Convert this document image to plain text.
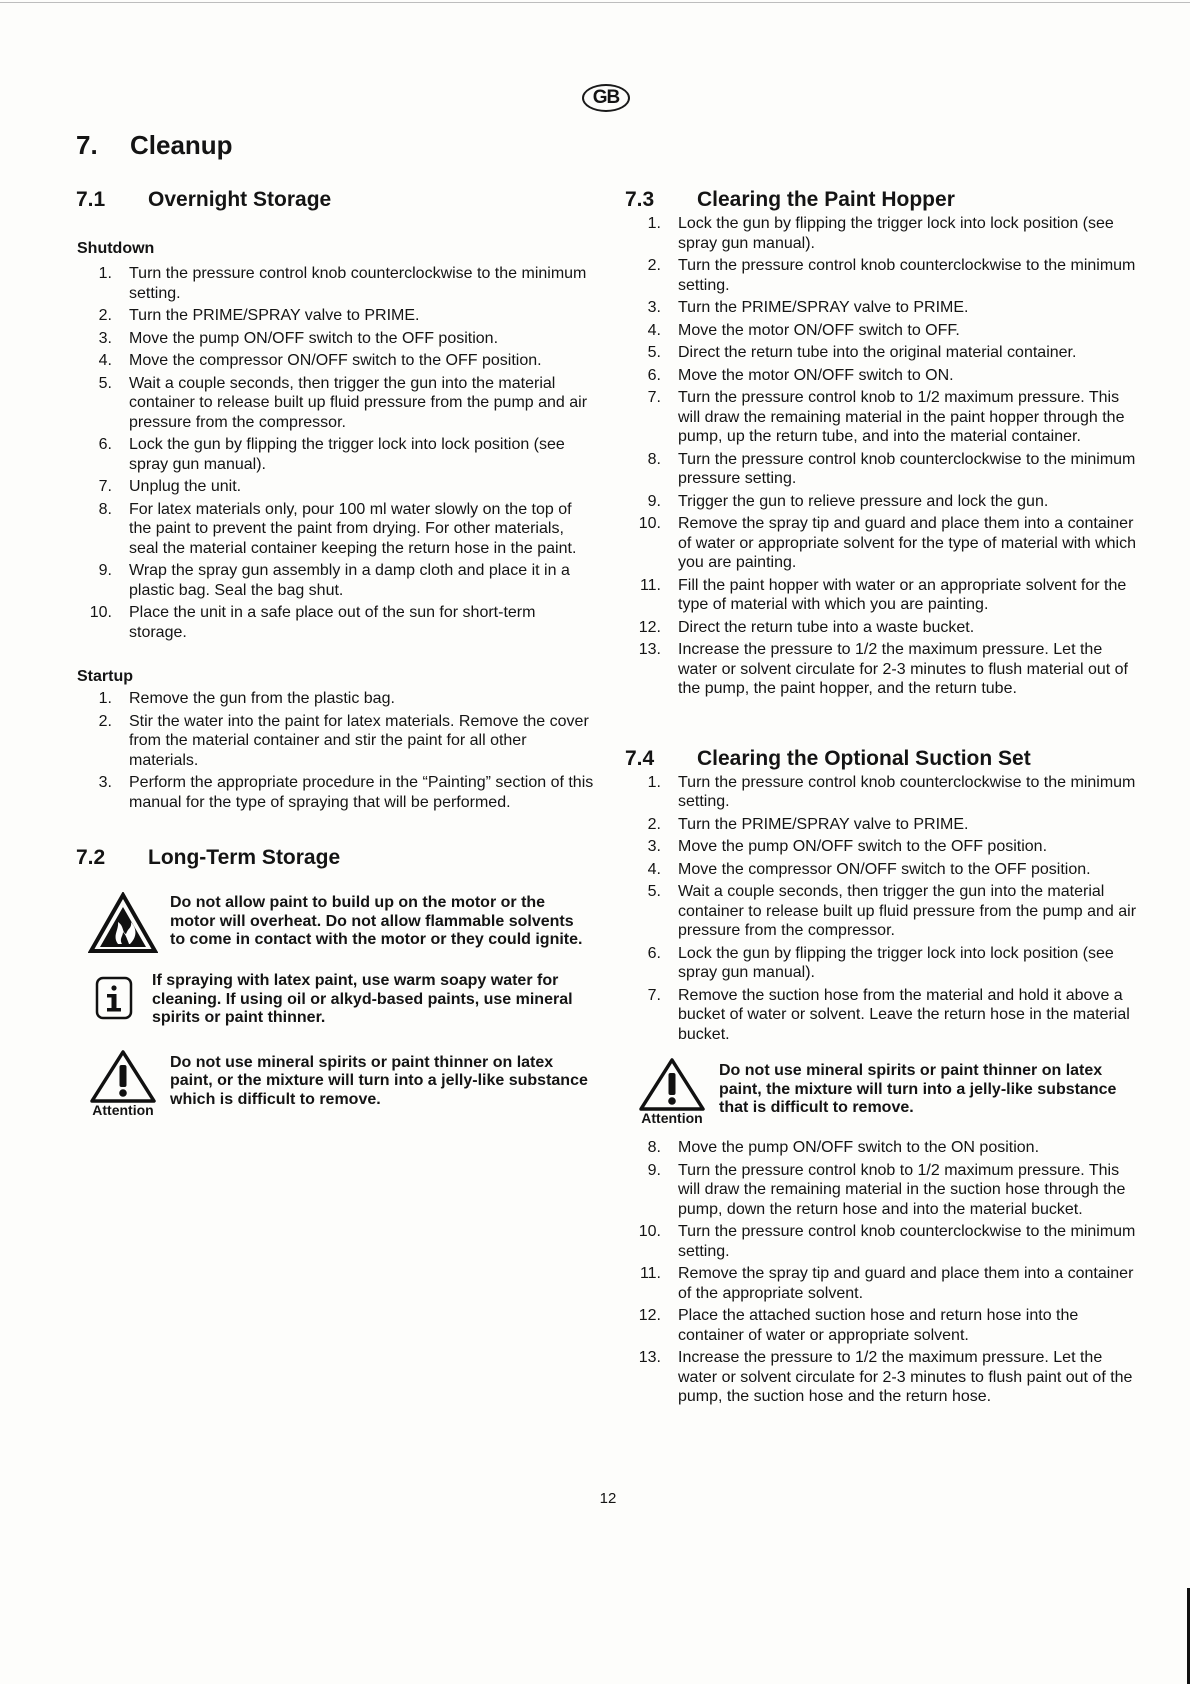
GB
7.	Cleanup
7.1	Overnight Storage
Shutdown
1.	Turn the pressure control knob counterclockwise to the minimum setting.
2.	Turn the PRIME/SPRAY valve to PRIME.
3.	Move the pump ON/OFF switch to the OFF position.
4.	Move the compressor ON/OFF switch to the OFF position.
5.	Wait a couple seconds, then trigger the gun into the material container to release built up fluid pressure from the pump and air pressure from the compressor.
6.	Lock the gun by flipping the trigger lock into lock position (see spray gun manual).
7.	Unplug the unit.
8.	For latex materials only, pour 100 ml water slowly on the top of the paint to prevent the paint from drying. For other materials, seal the material container keeping the return hose in the paint.
9.	Wrap the spray gun assembly in a damp cloth and place it in a plastic bag. Seal the bag shut.
10.	Place the unit in a safe place out of the sun for short-term storage.
Startup
1.	Remove the gun from the plastic bag.
2.	Stir the water into the paint for latex materials. Remove the cover from the material container and stir the paint for all other materials.
3.	Perform the appropriate procedure in the “Painting” section of this manual for the type of spraying that will be performed.
7.2	Long-Term Storage
Do not allow paint to build up on the motor or the motor will overheat. Do not allow flammable solvents to come in contact with the motor or they could ignite.
If spraying with latex paint, use warm soapy water for cleaning. If using oil or alkyd-based paints, use mineral spirits or paint thinner.
Attention
Do not use mineral spirits or paint thinner on latex paint, or the mixture will turn into a jelly-like substance which is difficult to remove.
7.3	Clearing the Paint Hopper
1.	Lock the gun by flipping the trigger lock into lock position (see spray gun manual).
2.	Turn the pressure control knob counterclockwise to the minimum setting.
3.	Turn the PRIME/SPRAY valve to PRIME.
4.	Move the motor ON/OFF switch to OFF.
5.	Direct the return tube into the original material container.
6.	Move the motor ON/OFF switch to ON.
7.	Turn the pressure control knob to 1/2 maximum pressure. This will draw the remaining material in the paint hopper through the pump, up the return tube, and into the material container.
8.	Turn the pressure control knob counterclockwise to the minimum pressure setting.
9.	Trigger the gun to relieve pressure and lock the gun.
10.	Remove the spray tip and guard and place them into a container of water or appropriate solvent for the type of material with which you are painting.
11.	Fill the paint hopper with water or an appropriate solvent for the type of material with which you are painting.
12.	Direct the return tube into a waste bucket.
13.	Increase the pressure to 1/2 the maximum pressure. Let the water or solvent circulate for 2-3 minutes to flush material out of the pump, the paint hopper, and the return tube.
7.4	Clearing the Optional Suction Set
1.	Turn the pressure control knob counterclockwise to the minimum setting.
2.	Turn the PRIME/SPRAY valve to PRIME.
3.	Move the pump ON/OFF switch to the OFF position.
4.	Move the compressor ON/OFF switch to the OFF position.
5.	Wait a couple seconds, then trigger the gun into the material container to release built up fluid pressure from the pump and air pressure from the compressor.
6.	Lock the gun by flipping the trigger lock into lock position (see spray gun manual).
7.	Remove the suction hose from the material and hold it above a bucket of water or solvent. Leave the return hose in the material bucket.
Attention
Do not use mineral spirits or paint thinner on latex paint, the mixture will turn into a jelly-like substance that is difficult to remove.
8.	Move the pump ON/OFF switch to the ON position.
9.	Turn the pressure control knob to 1/2 maximum pressure. This will draw the remaining material in the suction hose through the pump, down the return hose and into the material bucket.
10.	Turn the pressure control knob counterclockwise to the minimum setting.
11.	Remove the spray tip and guard and place them into a container of the appropriate solvent.
12.	Place the attached suction hose and return hose into the container of water or appropriate solvent.
13.	Increase the pressure to 1/2 the maximum pressure. Let the water or solvent circulate for 2-3 minutes to flush paint out of the pump, the suction hose and the return hose.
12
